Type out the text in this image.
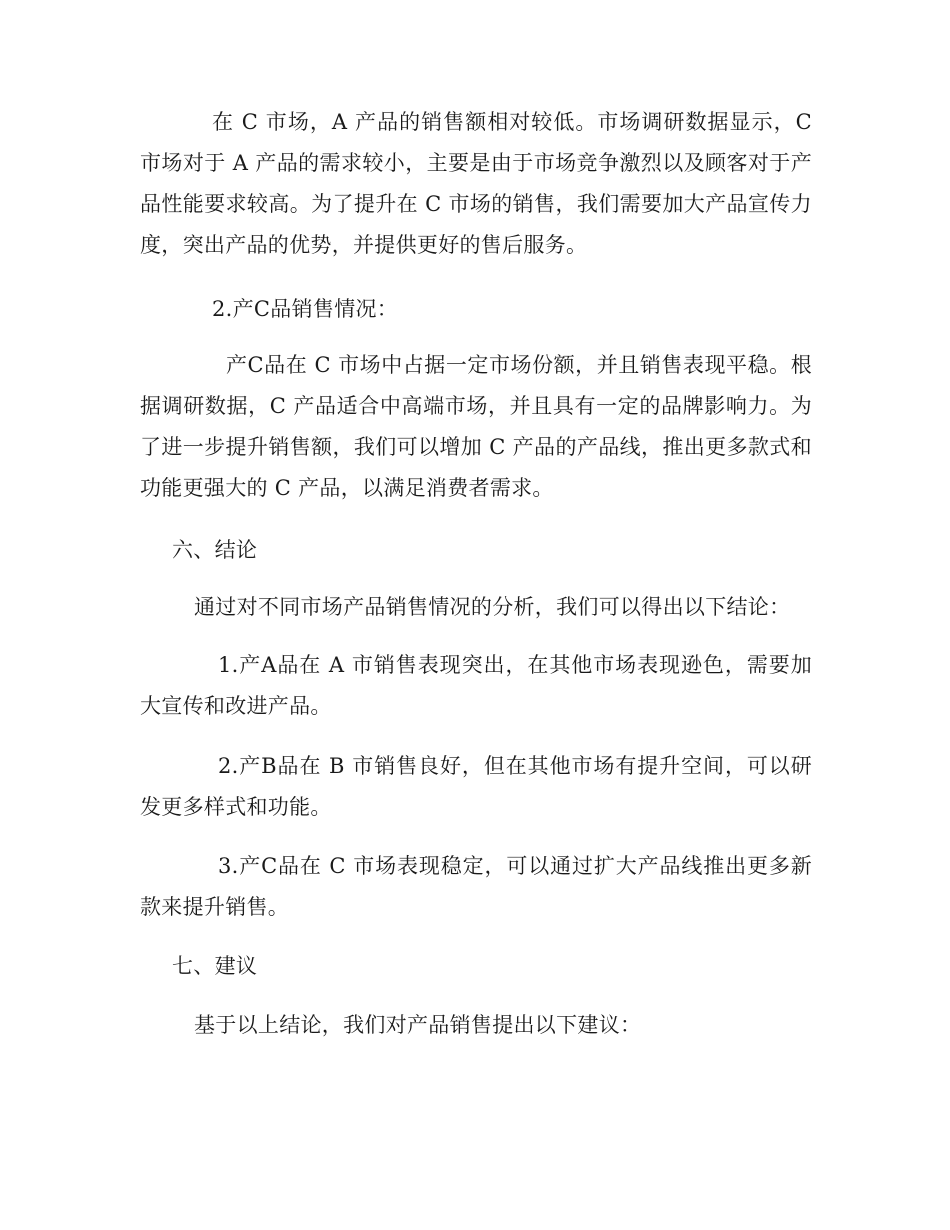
在 C 市场，A 产品的销售额相对较低。市场调研数据显示，C 市场对于 A 产品的需求较小，主要是由于市场竞争激烈以及顾客对于产品性能要求较高。为了提升在 C 市场的销售，我们需要加大产品宣传力度，突出产品的优势，并提供更好的售后服务。

2.产C品销售情况：

产C品在 C 市场中占据一定市场份额，并且销售表现平稳。根据调研数据，C 产品适合中高端市场，并且具有一定的品牌影响力。为了进一步提升销售额，我们可以增加 C 产品的产品线，推出更多款式和功能更强大的 C 产品，以满足消费者需求。

六、结论

通过对不同市场产品销售情况的分析，我们可以得出以下结论：

1.产A品在 A 市销售表现突出，在其他市场表现逊色，需要加大宣传和改进产品。

2.产B品在 B 市销售良好，但在其他市场有提升空间，可以研发更多样式和功能。

3.产C品在 C 市场表现稳定，可以通过扩大产品线推出更多新款来提升销售。

七、建议

基于以上结论，我们对产品销售提出以下建议：
